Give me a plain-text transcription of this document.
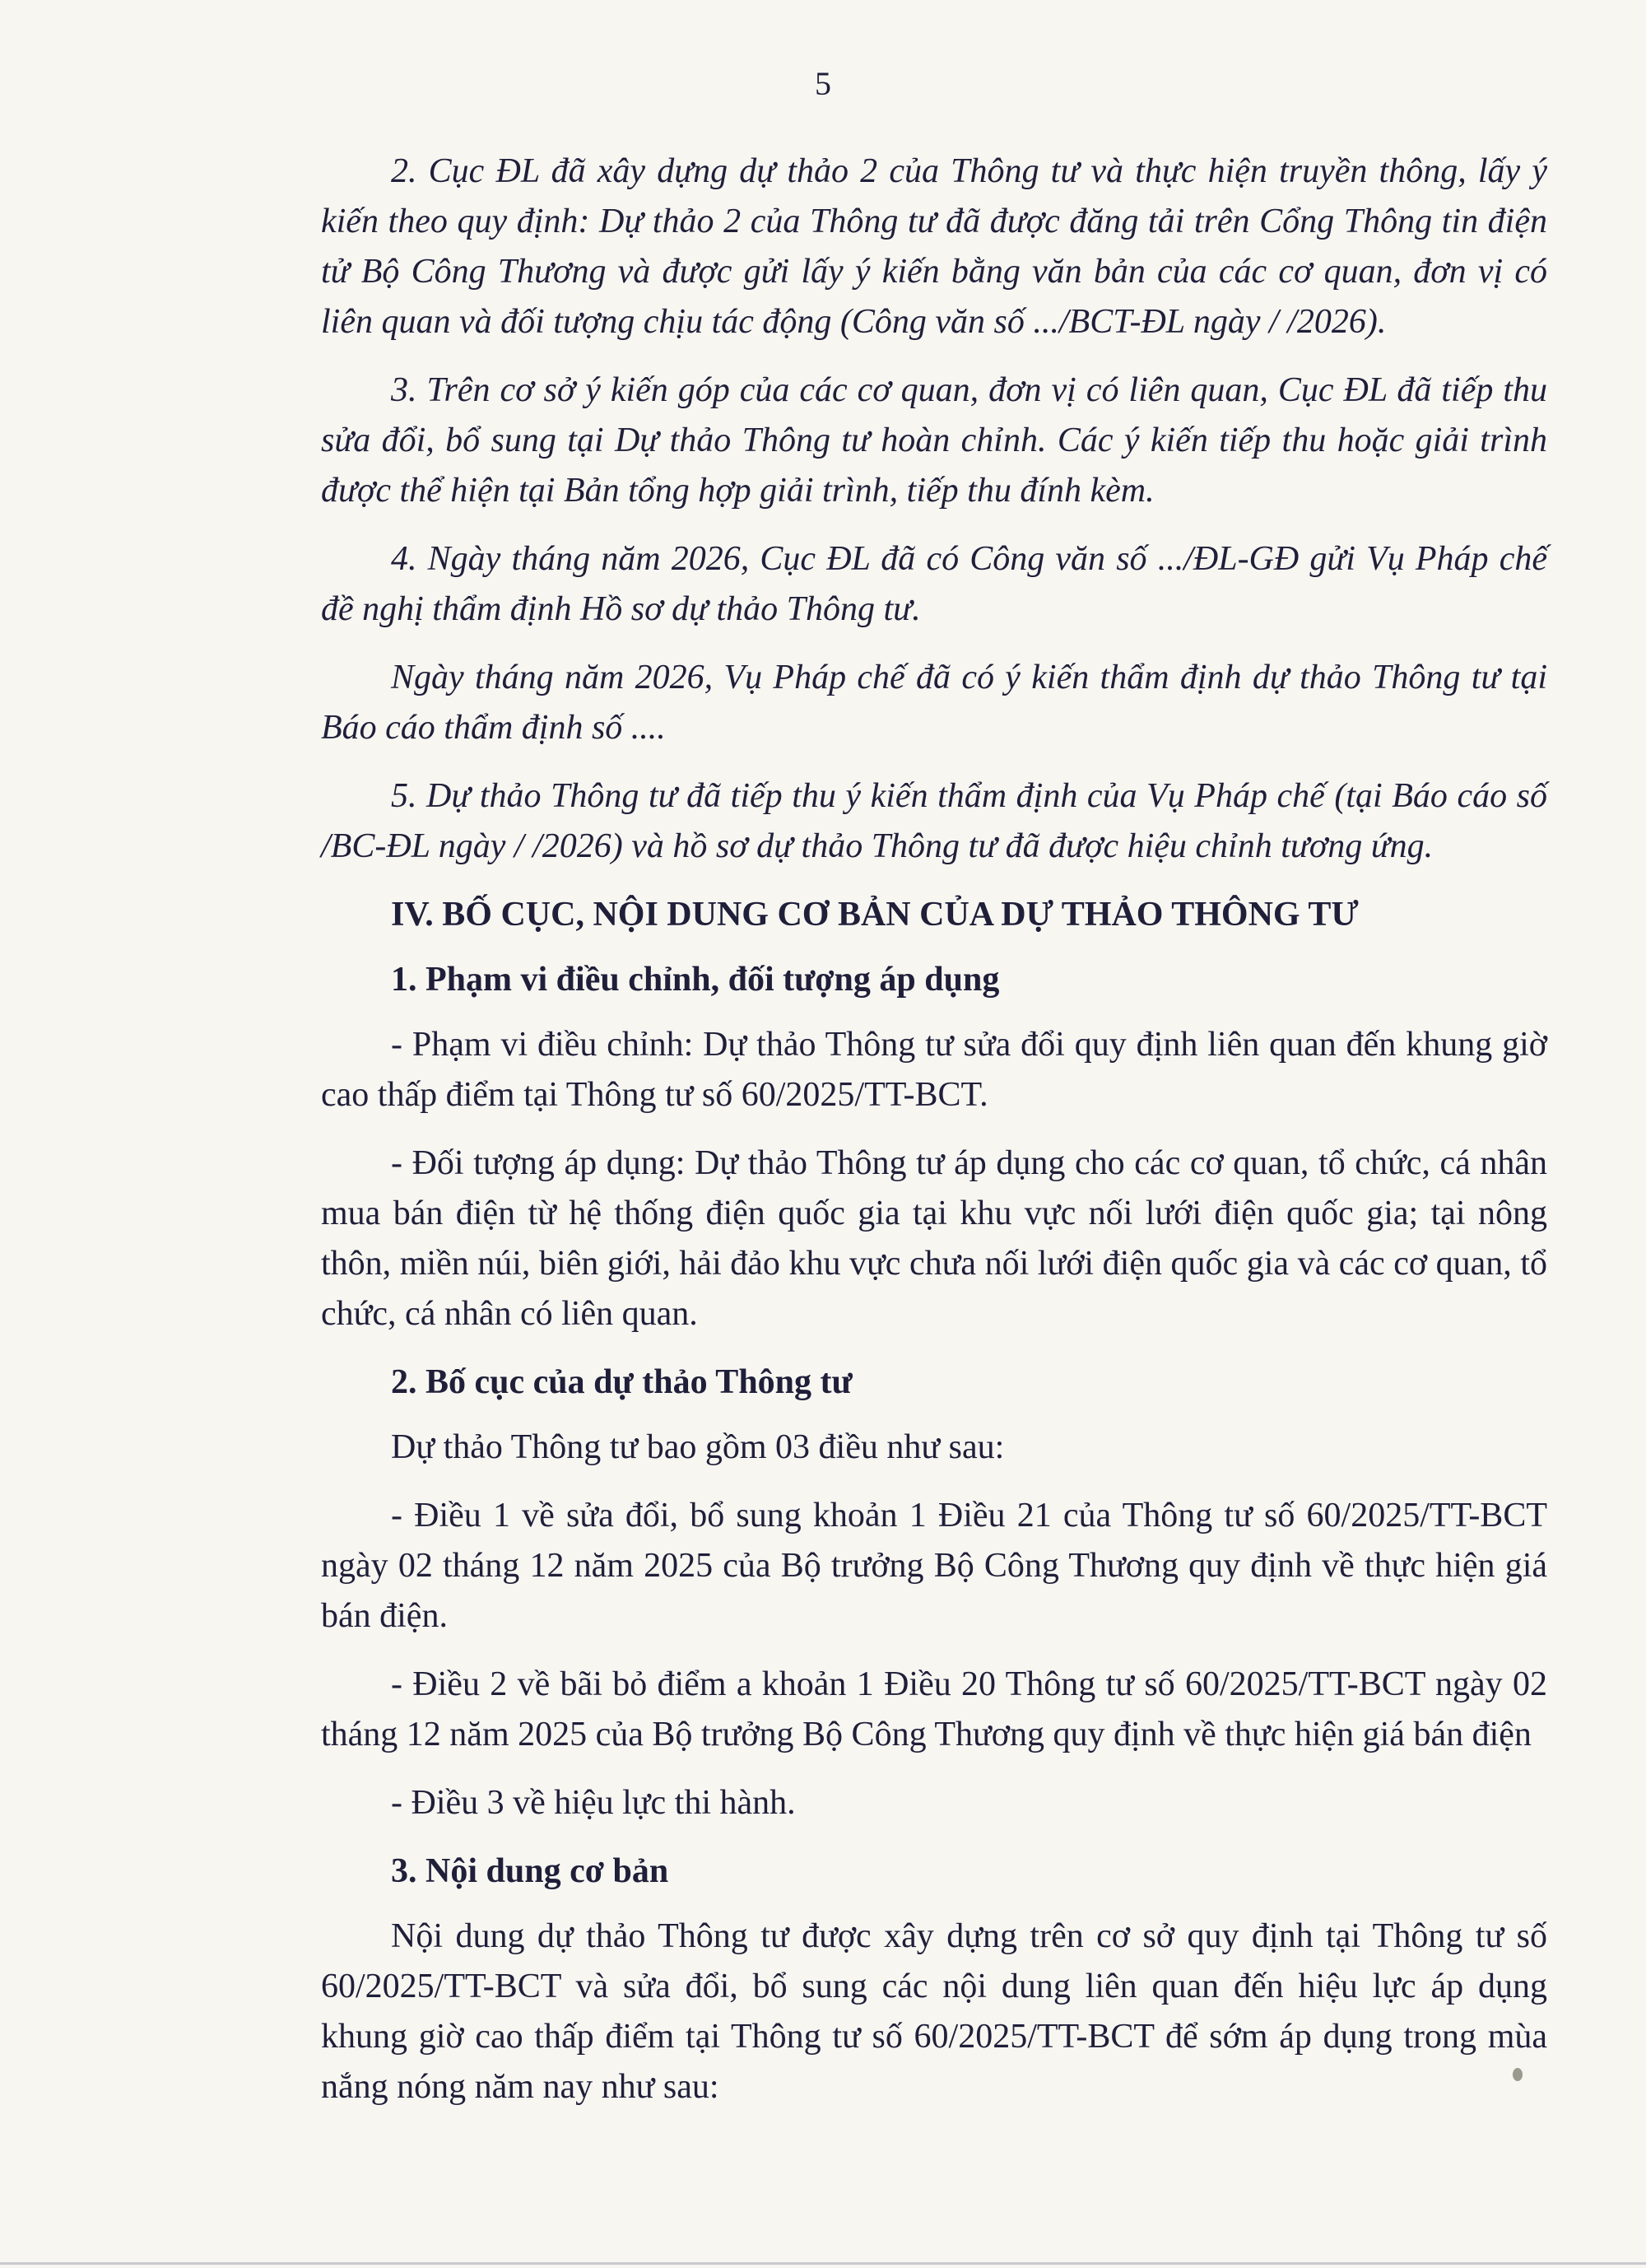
5

2. Cục ĐL đã xây dựng dự thảo 2 của Thông tư và thực hiện truyền thông, lấy ý kiến theo quy định: Dự thảo 2 của Thông tư đã được đăng tải trên Cổng Thông tin điện tử Bộ Công Thương và được gửi lấy ý kiến bằng văn bản của các cơ quan, đơn vị có liên quan và đối tượng chịu tác động (Công văn số .../BCT-ĐL ngày / /2026).

3. Trên cơ sở ý kiến góp của các cơ quan, đơn vị có liên quan, Cục ĐL đã tiếp thu sửa đổi, bổ sung tại Dự thảo Thông tư hoàn chỉnh. Các ý kiến tiếp thu hoặc giải trình được thể hiện tại Bản tổng hợp giải trình, tiếp thu đính kèm.

4. Ngày tháng năm 2026, Cục ĐL đã có Công văn số .../ĐL-GĐ gửi Vụ Pháp chế đề nghị thẩm định Hồ sơ dự thảo Thông tư.

Ngày tháng năm 2026, Vụ Pháp chế đã có ý kiến thẩm định dự thảo Thông tư tại Báo cáo thẩm định số ....

5. Dự thảo Thông tư đã tiếp thu ý kiến thẩm định của Vụ Pháp chế (tại Báo cáo số /BC-ĐL ngày / /2026) và hồ sơ dự thảo Thông tư đã được hiệu chỉnh tương ứng.

IV. BỐ CỤC, NỘI DUNG CƠ BẢN CỦA DỰ THẢO THÔNG TƯ
1. Phạm vi điều chỉnh, đối tượng áp dụng

- Phạm vi điều chỉnh: Dự thảo Thông tư sửa đổi quy định liên quan đến khung giờ cao thấp điểm tại Thông tư số 60/2025/TT-BCT.

- Đối tượng áp dụng: Dự thảo Thông tư áp dụng cho các cơ quan, tổ chức, cá nhân mua bán điện từ hệ thống điện quốc gia tại khu vực nối lưới điện quốc gia; tại nông thôn, miền núi, biên giới, hải đảo khu vực chưa nối lưới điện quốc gia và các cơ quan, tổ chức, cá nhân có liên quan.

2. Bố cục của dự thảo Thông tư

Dự thảo Thông tư bao gồm 03 điều như sau:

- Điều 1 về sửa đổi, bổ sung khoản 1 Điều 21 của Thông tư số 60/2025/TT-BCT ngày 02 tháng 12 năm 2025 của Bộ trưởng Bộ Công Thương quy định về thực hiện giá bán điện.

- Điều 2 về bãi bỏ điểm a khoản 1 Điều 20 Thông tư số 60/2025/TT-BCT ngày 02 tháng 12 năm 2025 của Bộ trưởng Bộ Công Thương quy định về thực hiện giá bán điện

- Điều 3 về hiệu lực thi hành.

3. Nội dung cơ bản

Nội dung dự thảo Thông tư được xây dựng trên cơ sở quy định tại Thông tư số 60/2025/TT-BCT và sửa đổi, bổ sung các nội dung liên quan đến hiệu lực áp dụng khung giờ cao thấp điểm tại Thông tư số 60/2025/TT-BCT để sớm áp dụng trong mùa nắng nóng năm nay như sau:
